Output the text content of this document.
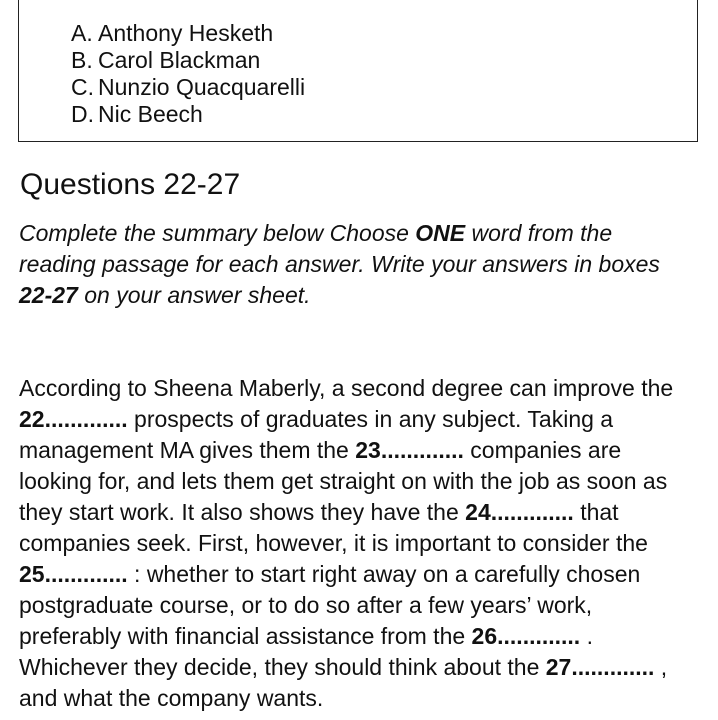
A. Anthony Hesketh
B. Carol Blackman
C. Nunzio Quacquarelli
D. Nic Beech
Questions 22-27

Complete the summary below Choose ONE word from the
reading passage for each answer. Write your answers in boxes
22-27 on your answer sheet.

According to Sheena Maberly, a second degree can improve the
22............. prospects of graduates in any subject. Taking a
management MA gives them the 23............. companies are
looking for, and lets them get straight on with the job as soon as
they start work. It also shows they have the 24............. that
companies seek. First, however, it is important to consider the
25............. : whether to start right away on a carefully chosen
postgraduate course, or to do so after a few years’ work,
preferably with financial assistance from the 26............. .
Whichever they decide, they should think about the 27............. ,
and what the company wants.
